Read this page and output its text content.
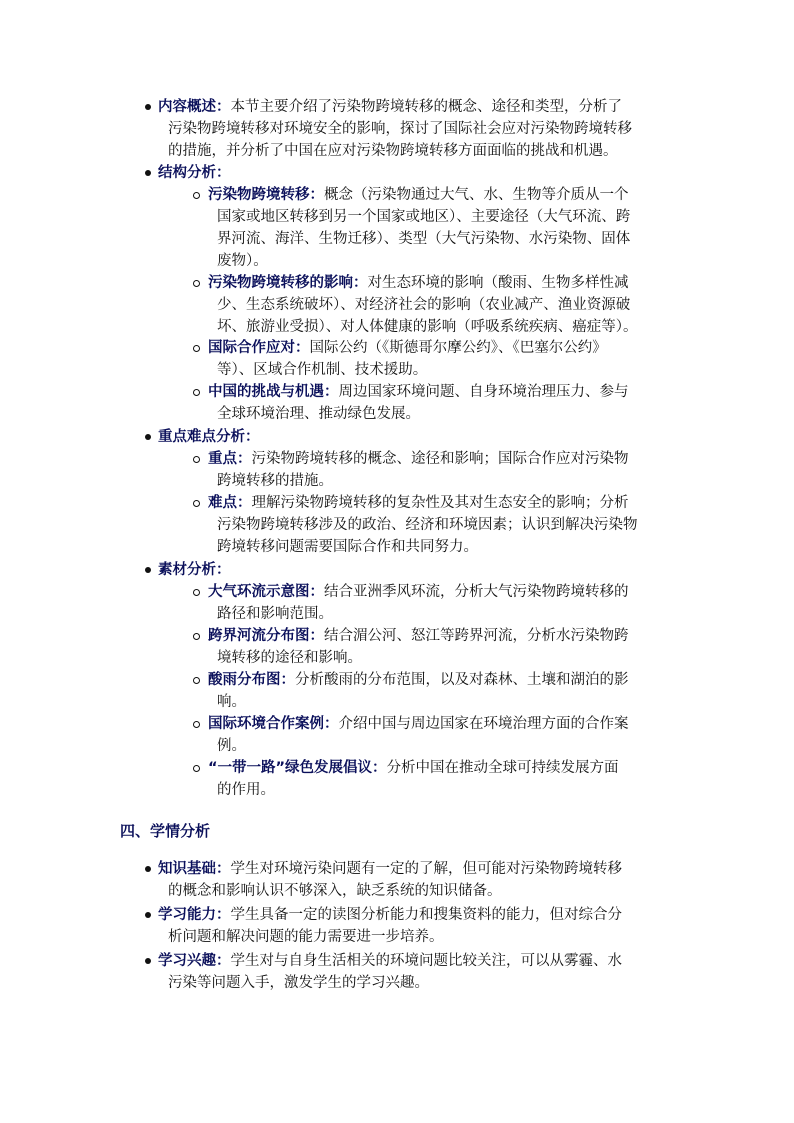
内容概述：本节主要介绍了污染物跨境转移的概念、途径和类型，分析了
污染物跨境转移对环境安全的影响，探讨了国际社会应对污染物跨境转移
的措施，并分析了中国在应对污染物跨境转移方面面临的挑战和机遇。
结构分析：
污染物跨境转移：概念（污染物通过大气、水、生物等介质从一个
国家或地区转移到另一个国家或地区）、主要途径（大气环流、跨
界河流、海洋、生物迁移）、类型（大气污染物、水污染物、固体
废物）。
污染物跨境转移的影响：对生态环境的影响（酸雨、生物多样性减
少、生态系统破坏）、对经济社会的影响（农业减产、渔业资源破
坏、旅游业受损）、对人体健康的影响（呼吸系统疾病、癌症等）。
国际合作应对：国际公约（《斯德哥尔摩公约》、《巴塞尔公约》
等）、区域合作机制、技术援助。
中国的挑战与机遇：周边国家环境问题、自身环境治理压力、参与
全球环境治理、推动绿色发展。
重点难点分析：
重点：污染物跨境转移的概念、途径和影响；国际合作应对污染物
跨境转移的措施。
难点：理解污染物跨境转移的复杂性及其对生态安全的影响；分析
污染物跨境转移涉及的政治、经济和环境因素；认识到解决污染物
跨境转移问题需要国际合作和共同努力。
素材分析：
大气环流示意图：结合亚洲季风环流，分析大气污染物跨境转移的
路径和影响范围。
跨界河流分布图：结合湄公河、怒江等跨界河流，分析水污染物跨
境转移的途径和影响。
酸雨分布图：分析酸雨的分布范围，以及对森林、土壤和湖泊的影
响。
国际环境合作案例：介绍中国与周边国家在环境治理方面的合作案
例。
“一带一路”绿色发展倡议：分析中国在推动全球可持续发展方面
的作用。
四、学情分析
知识基础：学生对环境污染问题有一定的了解，但可能对污染物跨境转移
的概念和影响认识不够深入，缺乏系统的知识储备。
学习能力：学生具备一定的读图分析能力和搜集资料的能力，但对综合分
析问题和解决问题的能力需要进一步培养。
学习兴趣：学生对与自身生活相关的环境问题比较关注，可以从雾霾、水
污染等问题入手，激发学生的学习兴趣。
